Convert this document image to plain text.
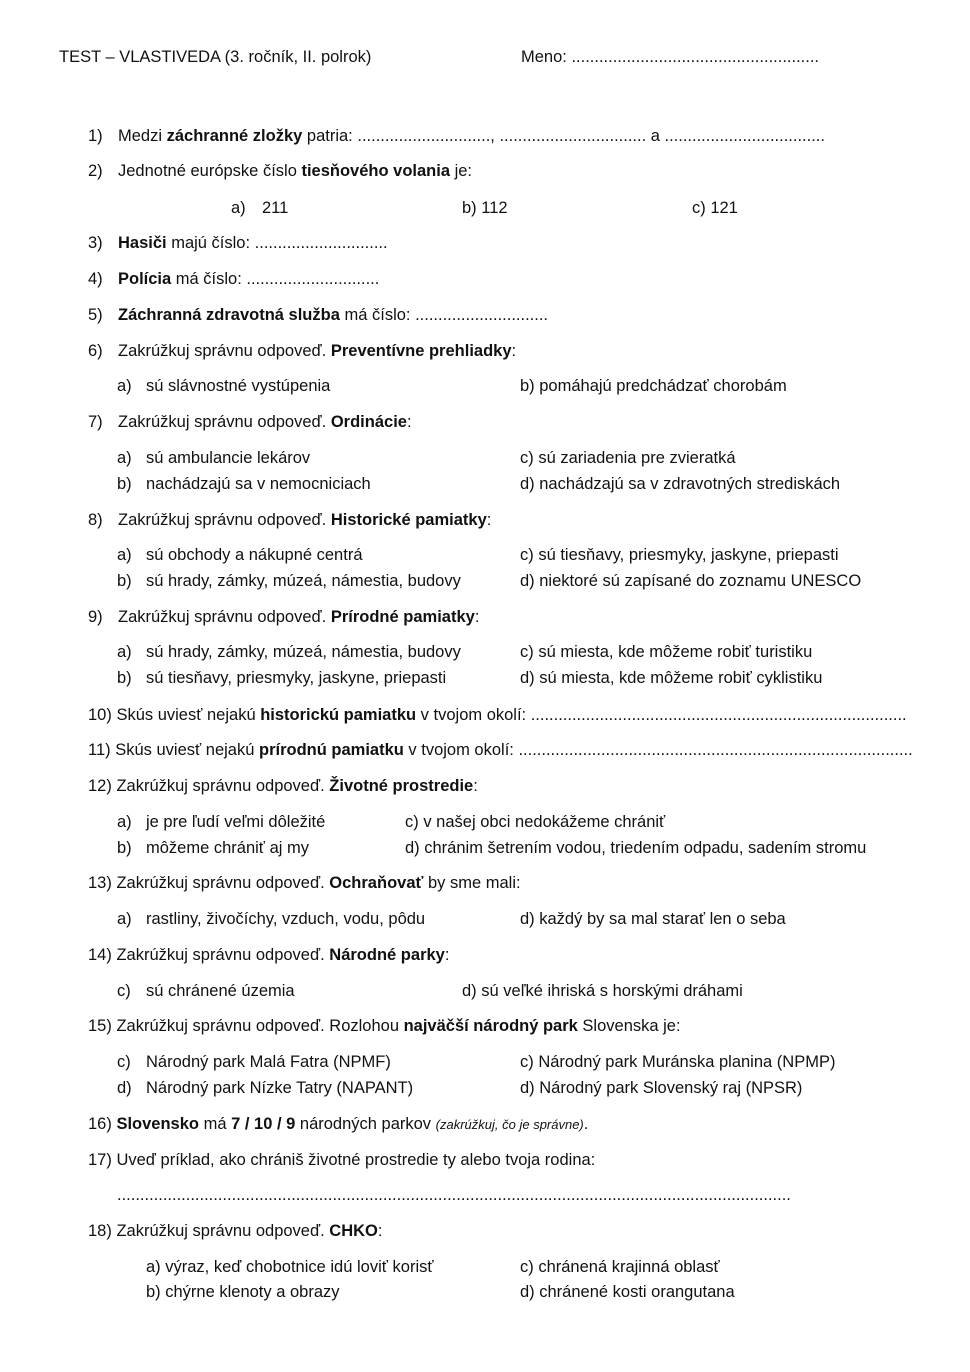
TEST – VLASTIVEDA (3. ročník, II. polrok)	Meno: ......................................................
1) Medzi záchranné zložky patria: ............................., ................................ a ...................................
2) Jednotné európske číslo tiesňového volania je:
a) 211	b) 112	c) 121
3) Hasiči majú číslo: .............................
4) Polícia má číslo: .............................
5) Záchranná zdravotná služba má číslo: .............................
6) Zakrúžkuj správnu odpoveď. Preventívne prehliadky:
a) sú slávnostné vystúpenia	b) pomáhajú predchádzať chorobám
7) Zakrúžkuj správnu odpoveď. Ordinácie:
a) sú ambulancie lekárov	c) sú zariadenia pre zvieratká
b) nachádzajú sa v nemocniciach	d) nachádzajú sa v zdravotných strediskách
8) Zakrúžkuj správnu odpoveď. Historické pamiatky:
a) sú obchody a nákupné centrá	c) sú tiesňavy, priesmyky, jaskyne, priepasti
b) sú hrady, zámky, múzeá, námestia, budovy	d) niektoré sú zapísané do zoznamu UNESCO
9) Zakrúžkuj správnu odpoveď. Prírodné pamiatky:
a) sú hrady, zámky, múzeá, námestia, budovy	c) sú miesta, kde môžeme robiť turistiku
b) sú tiesňavy, priesmyky, jaskyne, priepasti	d) sú miesta, kde môžeme robiť cyklistiku
10) Skús uviesť nejakú historickú pamiatku v tvojom okolí: ..................................................................................
11) Skús uviesť nejakú prírodnú pamiatku v tvojom okolí: ......................................................................................
12) Zakrúžkuj správnu odpoveď. Životné prostredie:
a) je pre ľudí veľmi dôležité	c) v našej obci nedokážeme chrániť
b) môžeme chrániť aj my	d) chránim šetrením vodou, triedením odpadu, sadením stromu
13) Zakrúžkuj správnu odpoveď. Ochraňovať by sme mali:
a) rastliny, živočíchy, vzduch, vodu, pôdu	d) každý by sa mal starať len o seba
14) Zakrúžkuj správnu odpoveď. Národné parky:
c) sú chránené územia	d) sú veľké ihriská s horskými dráhami
15) Zakrúžkuj správnu odpoveď. Rozlohou najväčší národný park Slovenska je:
c) Národný park Malá Fatra (NPMF)	c) Národný park Muránska planina (NPMP)
d) Národný park Nízke Tatry (NAPANT)	d) Národný park Slovenský raj (NPSR)
16) Slovensko má 7 / 10 / 9 národných parkov (zakrúžkuj, čo je správne).
17) Uveď príklad, ako chrániš životné prostredie ty alebo tvoja rodina:
...................................................................................................................................................
18) Zakrúžkuj správnu odpoveď. CHKO:
a) výraz, keď chobotnice idú loviť korisť	c) chránená krajinná oblasť
b) chýrne klenoty a obrazy	d) chránené kosti orangutana
